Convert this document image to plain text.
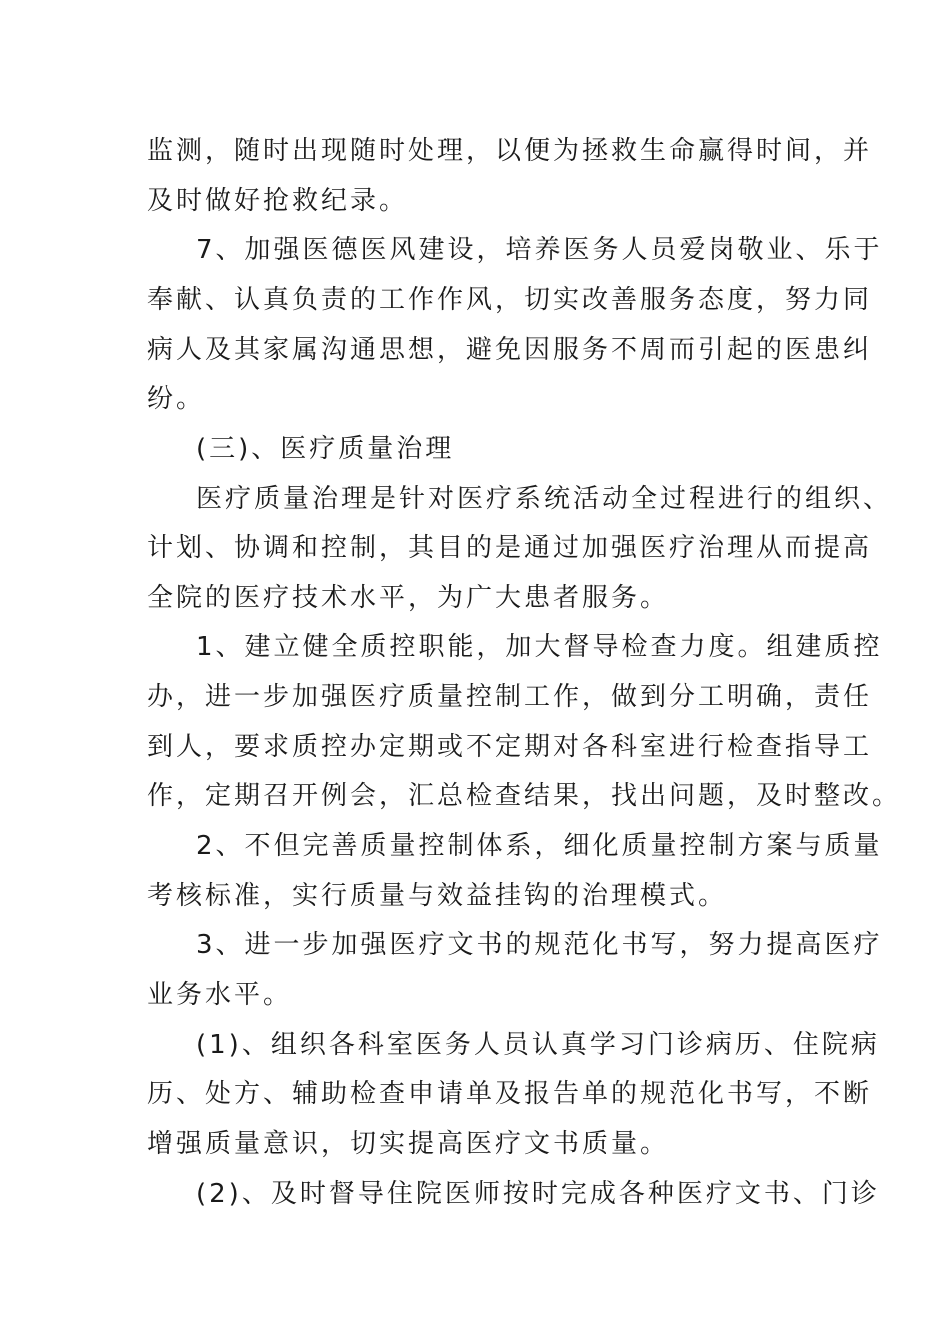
监测，随时出现随时处理，以便为拯救生命赢得时间，并
及时做好抢救纪录。
7、加强医德医风建设，培养医务人员爱岗敬业、乐于
奉献、认真负责的工作作风，切实改善服务态度，努力同
病人及其家属沟通思想，避免因服务不周而引起的医患纠
纷。
(三)、医疗质量治理
医疗质量治理是针对医疗系统活动全过程进行的组织、
计划、协调和控制，其目的是通过加强医疗治理从而提高
全院的医疗技术水平，为广大患者服务。
1、建立健全质控职能，加大督导检查力度。组建质控
办，进一步加强医疗质量控制工作，做到分工明确，责任
到人，要求质控办定期或不定期对各科室进行检查指导工
作，定期召开例会，汇总检查结果，找出问题，及时整改。
2、不但完善质量控制体系，细化质量控制方案与质量
考核标准，实行质量与效益挂钩的治理模式。
3、进一步加强医疗文书的规范化书写，努力提高医疗
业务水平。
(1)、组织各科室医务人员认真学习门诊病历、住院病
历、处方、辅助检查申请单及报告单的规范化书写，不断
增强质量意识，切实提高医疗文书质量。
(2)、及时督导住院医师按时完成各种医疗文书、门诊
